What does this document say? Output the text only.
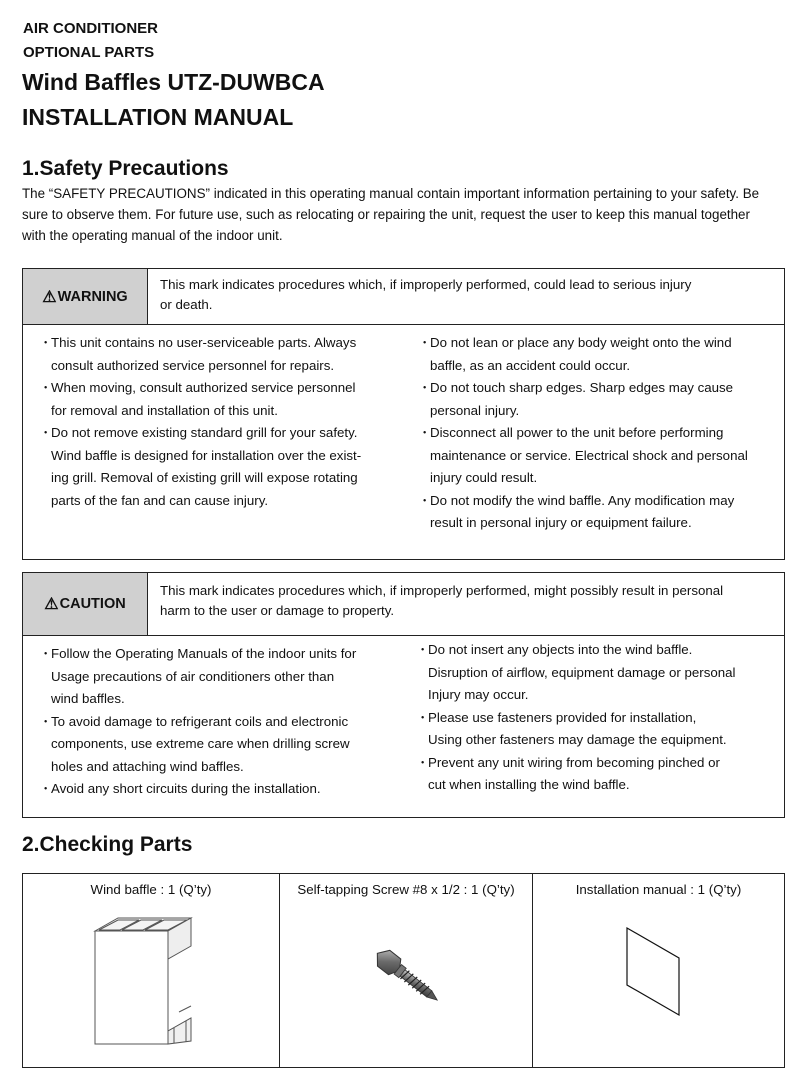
AIR CONDITIONER
OPTIONAL PARTS
Wind Baffles UTZ-DUWBCA
INSTALLATION MANUAL
1.Safety Precautions
The “SAFETY PRECAUTIONS” indicated in this operating manual contain important information pertaining to your safety. Be sure to observe them. For future use, such as relocating or repairing the unit, request the user to keep this manual together with the operating manual of the indoor unit.
⚠ WARNING
This mark indicates procedures which, if improperly performed, could lead to serious injury
or death.
・
This unit contains no user-serviceable parts. Always
consult authorized service personnel for repairs.
・
When moving, consult authorized service personnel
for removal and installation of this unit.
・
Do not remove existing standard grill for your safety.
Wind baffle is designed for installation over the exist-
ing grill. Removal of existing grill will expose rotating
parts of the fan and can cause injury.
・
Do not lean or place any body weight onto the wind
baffle, as an accident could occur.
・
Do not touch sharp edges. Sharp edges may cause
personal injury.
・
Disconnect all power to the unit before performing
maintenance or service. Electrical shock and personal
injury could result.
・
Do not modify the wind baffle. Any modification may
result in personal injury or equipment failure.
⚠ CAUTION
This mark indicates procedures which, if improperly performed, might possibly result in personal
harm to the user or damage to property.
・
Follow the Operating Manuals of the indoor units for
Usage precautions of air conditioners other than
wind baffles.
・
To avoid damage to refrigerant coils and electronic
components, use extreme care when drilling screw
holes and attaching wind baffles.
・
Avoid any short circuits during the installation.
・
Do not insert any objects into the wind baffle.
Disruption of airflow, equipment damage or personal
Injury may occur.
・
Please use fasteners provided for installation,
Using other fasteners may damage the equipment.
・
Prevent any unit wiring from becoming pinched or
cut when installing the wind baffle.
2.Checking Parts
Wind baffle : 1 (Q’ty)	Self-tapping Screw #8 x 1/2 : 1 (Q’ty)	Installation manual : 1 (Q’ty)
